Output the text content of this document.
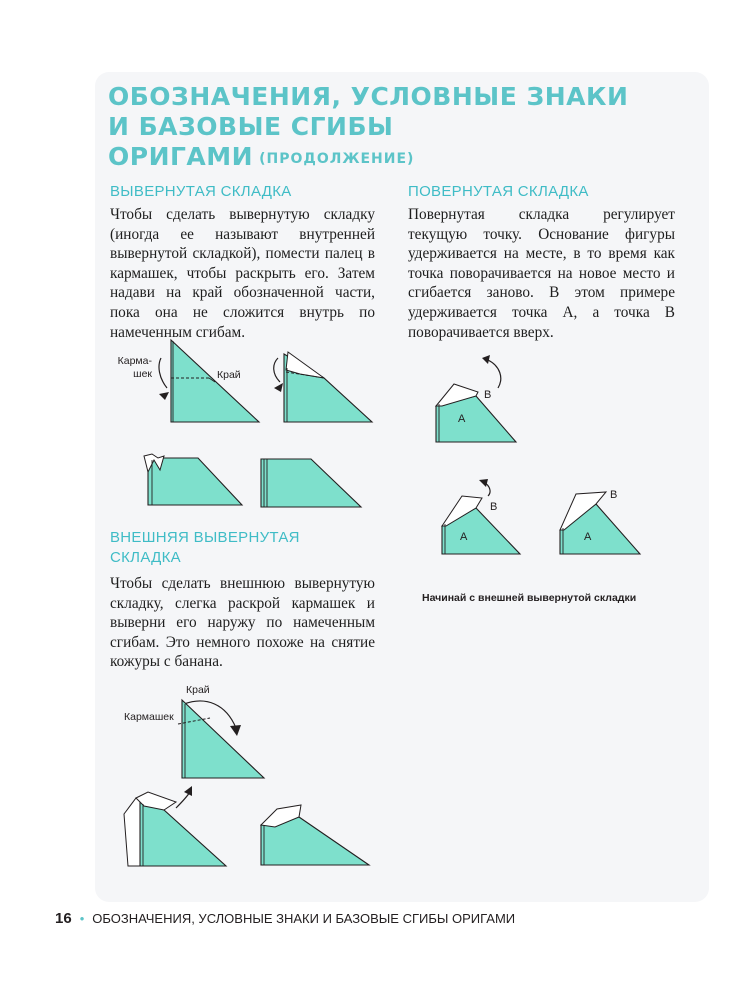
ОБОЗНАЧЕНИЯ, УСЛОВНЫЕ ЗНАКИ
И БАЗОВЫЕ СГИБЫ ОРИГАМИ (ПРОДОЛЖЕНИЕ)
ВЫВЕРНУТАЯ СКЛАДКА
Чтобы сделать вывернутую складку (иногда ее называют внутренней вывернутой складкой), помести палец в кармашек, чтобы раскрыть его. Затем надави на край обозначенной части, пока она не сложится внутрь по намеченным сгибам.
Карма-
шек	Край
ВНЕШНЯЯ ВЫВЕРНУТАЯ СКЛАДКА
Чтобы сделать внешнюю вывернутую складку, слегка раскрой кармашек и выверни его наружу по намеченным сгибам. Это немного похоже на снятие кожуры с банана.
Край
Кармашек
ПОВЕРНУТАЯ СКЛАДКА
Повернутая складка регулирует текущую точку. Основание фигуры удерживается на месте, в то время как точка поворачивается на новое место и сгибается заново. В этом примере удерживается точка А, а точка В поворачивается вверх.
A
B
A
B
A
B
Начинай с внешней вывернутой складки
16 • ОБОЗНАЧЕНИЯ, УСЛОВНЫЕ ЗНАКИ И БАЗОВЫЕ СГИБЫ ОРИГАМИ
